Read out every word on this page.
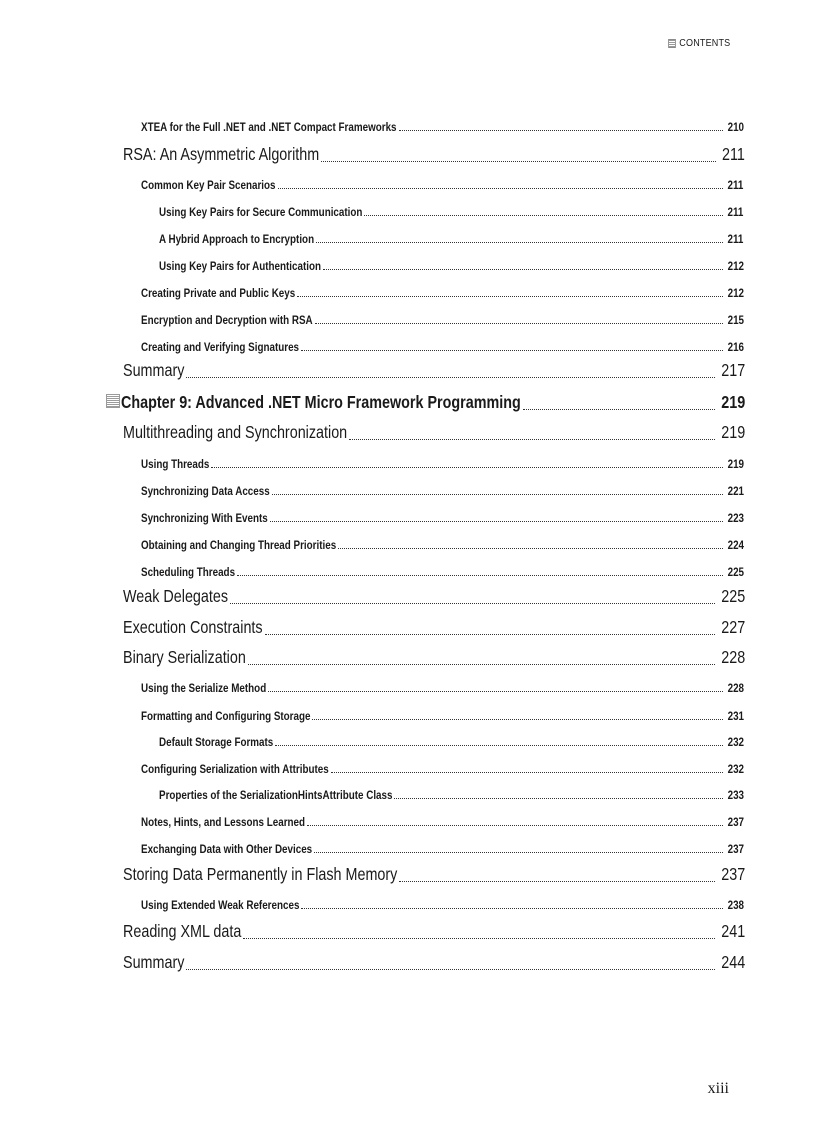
CONTENTS
XTEA for the Full .NET and .NET Compact Frameworks	210
RSA: An Asymmetric Algorithm	211
Common Key Pair Scenarios	211
Using Key Pairs for Secure Communication	211
A Hybrid Approach to Encryption	211
Using Key Pairs for Authentication	212
Creating Private and Public Keys	212
Encryption and Decryption with RSA	215
Creating and Verifying Signatures	216
Summary	217
Chapter 9: Advanced .NET Micro Framework Programming	219
Multithreading and Synchronization	219
Using Threads	219
Synchronizing Data Access	221
Synchronizing With Events	223
Obtaining and Changing Thread Priorities	224
Scheduling Threads	225
Weak Delegates	225
Execution Constraints	227
Binary Serialization	228
Using the Serialize Method	228
Formatting and Configuring Storage	231
Default Storage Formats	232
Configuring Serialization with Attributes	232
Properties of the SerializationHintsAttribute Class	233
Notes, Hints, and Lessons Learned	237
Exchanging Data with Other Devices	237
Storing Data Permanently in Flash Memory	237
Using Extended Weak References	238
Reading XML data	241
Summary	244
xiii
